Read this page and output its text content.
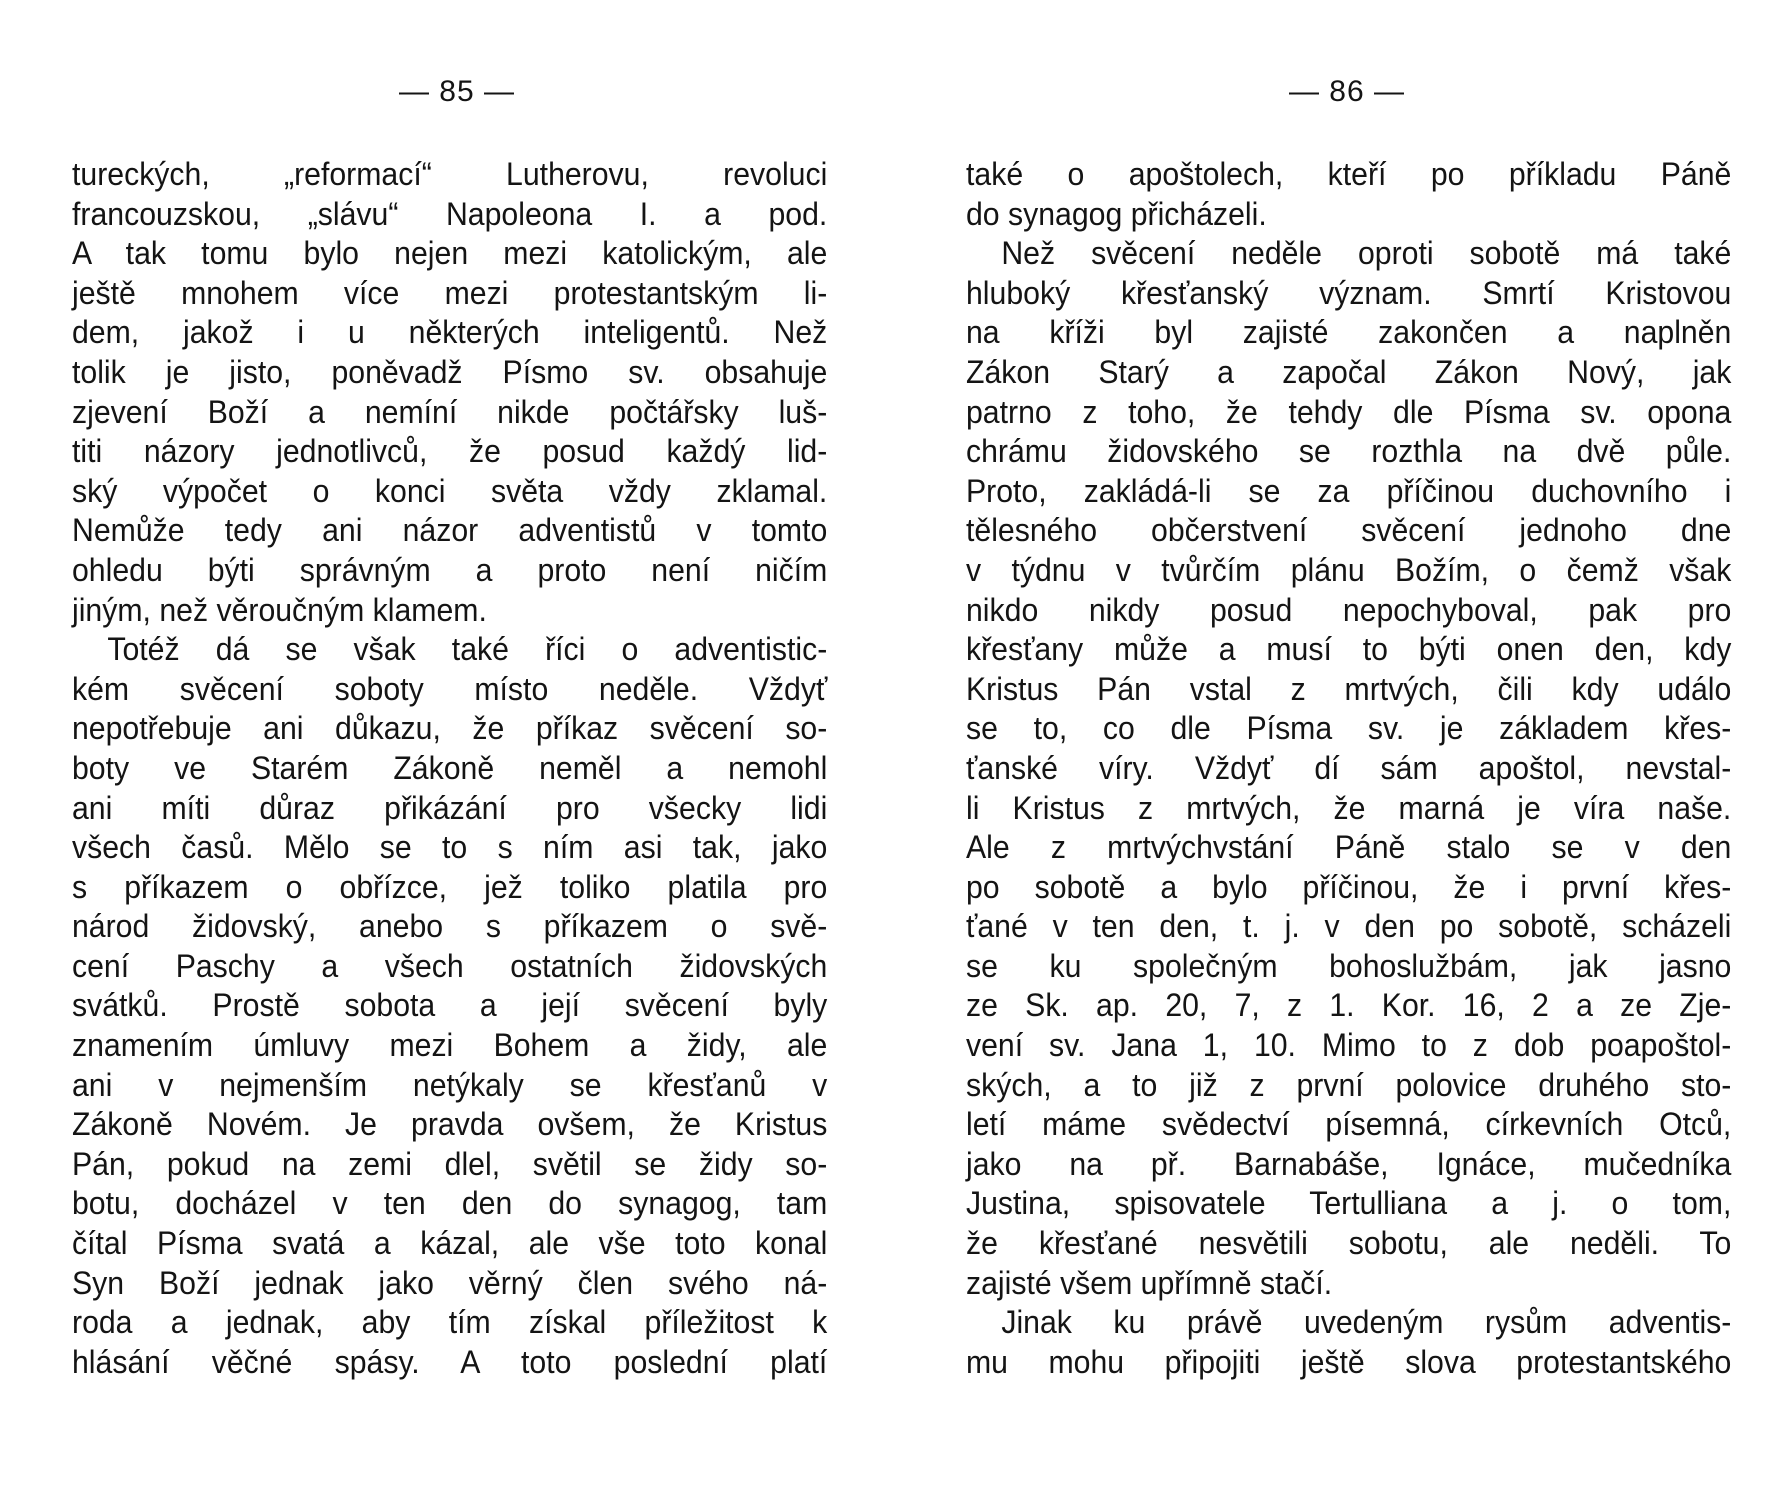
— 85 —
tureckých, „reformací“ Lutherovu, revoluci
francouzskou, „slávu“ Napoleona I. a pod.
A tak tomu bylo nejen mezi katolickým, ale
ještě mnohem více mezi protestantským li-
dem, jakož i u některých inteligentů. Než
tolik je jisto, poněvadž Písmo sv. obsahuje
zjevení Boží a nemíní nikde počtářsky luš-
titi názory jednotlivců, že posud každý lid-
ský výpočet o konci světa vždy zklamal.
Nemůže tedy ani názor adventistů v tomto
ohledu býti správným a proto není ničím
jiným, než věroučným klamem.
Totéž dá se však také říci o adventistic-
kém svěcení soboty místo neděle. Vždyť
nepotřebuje ani důkazu, že příkaz svěcení so-
boty ve Starém Zákoně neměl a nemohl
ani míti důraz přikázání pro všecky lidi
všech časů. Mělo se to s ním asi tak, jako
s příkazem o obřízce, jež toliko platila pro
národ židovský, anebo s příkazem o svě-
cení Paschy a všech ostatních židovských
svátků. Prostě sobota a její svěcení byly
znamením úmluvy mezi Bohem a židy, ale
ani v nejmenším netýkaly se křesťanů v
Zákoně Novém. Je pravda ovšem, že Kristus
Pán, pokud na zemi dlel, světil se židy so-
botu, docházel v ten den do synagog, tam
čítal Písma svatá a kázal, ale vše toto konal
Syn Boží jednak jako věrný člen svého ná-
roda a jednak, aby tím získal příležitost k
hlásání věčné spásy. A toto poslední platí
— 86 —
také o apoštolech, kteří po příkladu Páně
do synagog přicházeli.
Než svěcení neděle oproti sobotě má také
hluboký křesťanský význam. Smrtí Kristovou
na kříži byl zajisté zakončen a naplněn
Zákon Starý a započal Zákon Nový, jak
patrno z toho, že tehdy dle Písma sv. opona
chrámu židovského se rozthla na dvě půle.
Proto, zakládá-li se za příčinou duchovního i
tělesného občerstvení svěcení jednoho dne
v týdnu v tvůrčím plánu Božím, o čemž však
nikdo nikdy posud nepochyboval, pak pro
křesťany může a musí to býti onen den, kdy
Kristus Pán vstal z mrtvých, čili kdy událo
se to, co dle Písma sv. je základem křes-
ťanské víry. Vždyť dí sám apoštol, nevstal-
li Kristus z mrtvých, že marná je víra naše.
Ale z mrtvýchvstání Páně stalo se v den
po sobotě a bylo příčinou, že i první křes-
ťané v ten den, t. j. v den po sobotě, scházeli
se ku společným bohoslužbám, jak jasno
ze Sk. ap. 20, 7, z 1. Kor. 16, 2 a ze Zje-
vení sv. Jana 1, 10. Mimo to z dob poapoštol-
ských, a to již z první polovice druhého sto-
letí máme svědectví písemná, církevních Otců,
jako na př. Barnabáše, Ignáce, mučedníka
Justina, spisovatele Tertulliana a j. o tom,
že křesťané nesvětili sobotu, ale neděli. To
zajisté všem upřímně stačí.
Jinak ku právě uvedeným rysům adventis-
mu mohu připojiti ještě slova protestantského
